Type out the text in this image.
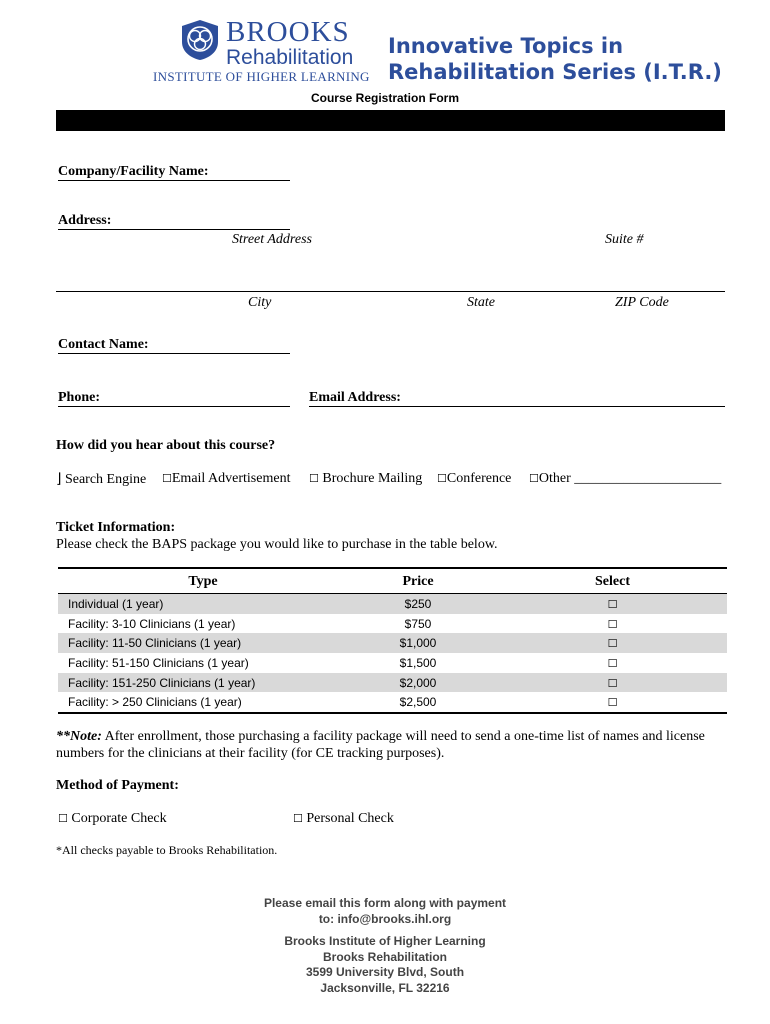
BROOKS
Rehabilitation
INSTITUTE OF HIGHER LEARNING
Innovative Topics in
Rehabilitation Series (I.T.R.)
Course Registration Form
Company/Facility Name:
Address:
Street Address	Suite #
City	State	ZIP Code
Contact Name:
Phone:	Email Address:
How did you hear about this course?
⌋ Search Engine ☐Email Advertisement ☐ Brochure Mailing ☐Conference ☐Other _____________________
Ticket Information:
Please check the BAPS package you would like to purchase in the table below.
Type	Price	Select
Individual (1 year)	$250	☐
Facility: 3-10 Clinicians (1 year)	$750	☐
Facility: 11-50 Clinicians (1 year)	$1,000	☐
Facility: 51-150 Clinicians (1 year)	$1,500	☐
Facility: 151-250 Clinicians (1 year)	$2,000	☐
Facility: > 250 Clinicians (1 year)	$2,500	☐
**Note: After enrollment, those purchasing a facility package will need to send a one-time list of names and license numbers for the clinicians at their facility (for CE tracking purposes).
Method of Payment:
☐ Corporate Check	☐ Personal Check
*All checks payable to Brooks Rehabilitation.
Please email this form along with payment
to: info@brooks.ihl.org
Brooks Institute of Higher Learning
Brooks Rehabilitation
3599 University Blvd, South
Jacksonville, FL 32216
